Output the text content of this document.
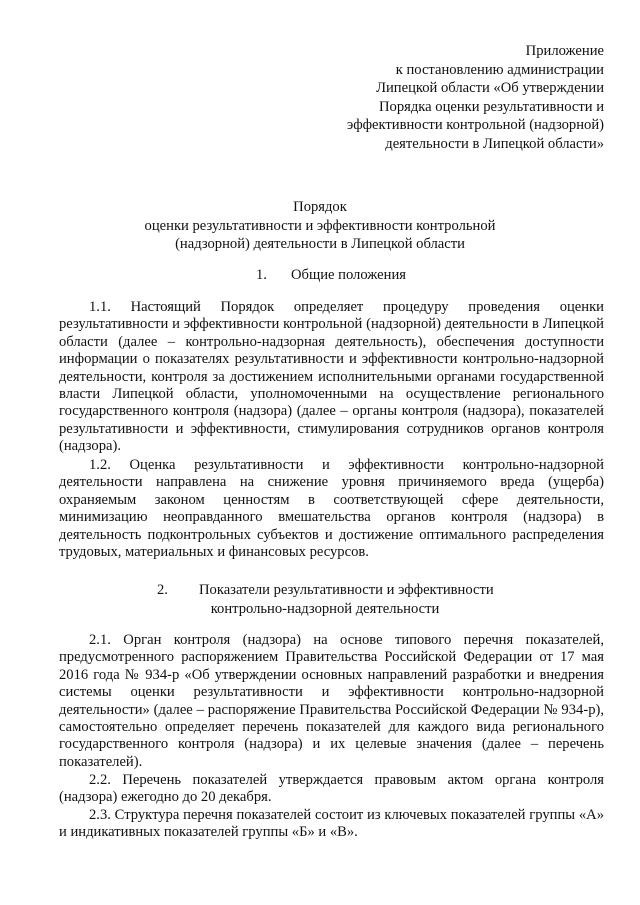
Приложение
к постановлению администрации
Липецкой области «Об утверждении
Порядка оценки результативности и
эффективности контрольной (надзорной)
деятельности в Липецкой области»
Порядок
оценки результативности и эффективности контрольной
(надзорной) деятельности в Липецкой области
1. Общие положения
1.1. Настоящий Порядок определяет процедуру проведения оценки результативности и эффективности контрольной (надзорной) деятельности в Липецкой области (далее – контрольно-надзорная деятельность), обеспечения доступности информации о показателях результативности и эффективности контрольно-надзорной деятельности, контроля за достижением исполнительными органами государственной власти Липецкой области, уполномоченными на осуществление регионального государственного контроля (надзора) (далее – органы контроля (надзора), показателей результативности и эффективности, стимулирования сотрудников органов контроля (надзора).
1.2. Оценка результативности и эффективности контрольно-надзорной деятельности направлена на снижение уровня причиняемого вреда (ущерба) охраняемым законом ценностям в соответствующей сфере деятельности, минимизацию неоправданного вмешательства органов контроля (надзора) в деятельность подконтрольных субъектов и достижение оптимального распределения трудовых, материальных и финансовых ресурсов.
2. Показатели результативности и эффективности
контрольно-надзорной деятельности
2.1. Орган контроля (надзора) на основе типового перечня показателей, предусмотренного распоряжением Правительства Российской Федерации от 17 мая 2016 года № 934-р «Об утверждении основных направлений разработки и внедрения системы оценки результативности и эффективности контрольно-надзорной деятельности» (далее – распоряжение Правительства Российской Федерации № 934-р), самостоятельно определяет перечень показателей для каждого вида регионального государственного контроля (надзора) и их целевые значения (далее – перечень показателей).
2.2. Перечень показателей утверждается правовым актом органа контроля (надзора) ежегодно до 20 декабря.
2.3. Структура перечня показателей состоит из ключевых показателей группы «А» и индикативных показателей группы «Б» и «В».
